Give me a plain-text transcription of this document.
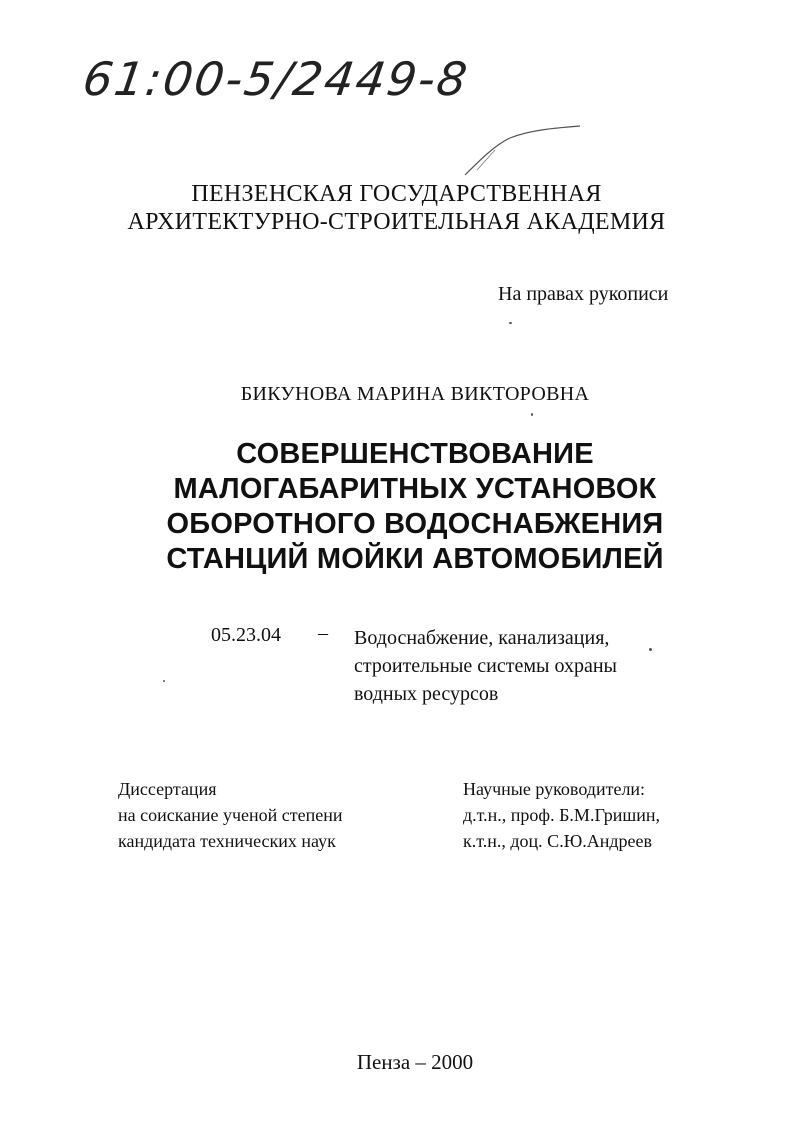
61:00-5/2449-8
ПЕНЗЕНСКАЯ ГОСУДАРСТВЕННАЯ
АРХИТЕКТУРНО-СТРОИТЕЛЬНАЯ АКАДЕМИЯ
На правах рукописи
БИКУНОВА МАРИНА ВИКТОРОВНА
СОВЕРШЕНСТВОВАНИЕ
МАЛОГАБАРИТНЫХ УСТАНОВОК
ОБОРОТНОГО ВОДОСНАБЖЕНИЯ
СТАНЦИЙ МОЙКИ АВТОМОБИЛЕЙ
05.23.04 – Водоснабжение, канализация,
строительные системы охраны
водных ресурсов
Диссертация
на соискание ученой степени
кандидата технических наук
Научные руководители:
д.т.н., проф. Б.М.Гришин,
к.т.н., доц. С.Ю.Андреев
Пенза – 2000
